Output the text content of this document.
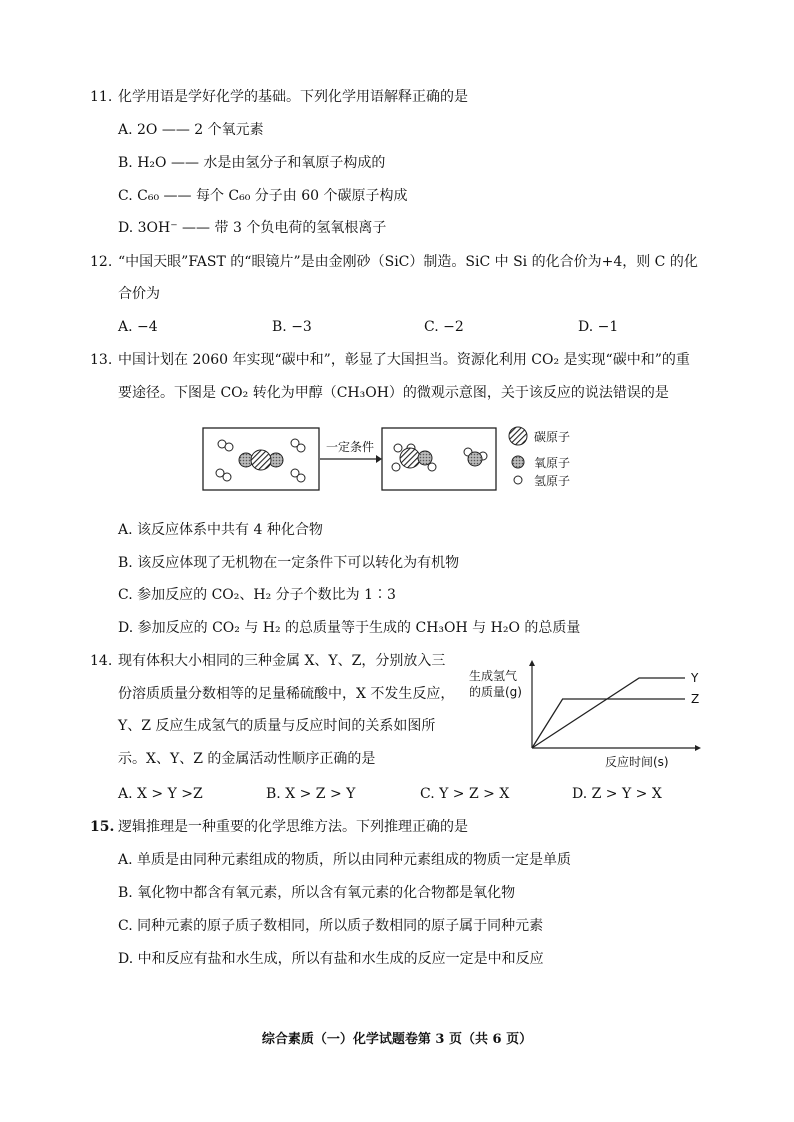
11. 化学用语是学好化学的基础。下列化学用语解释正确的是
A. 2O —— 2 个氧元素
B. H₂O —— 水是由氢分子和氧原子构成的
C. C₆₀ —— 每个 C₆₀ 分子由 60 个碳原子构成
D. 3OH⁻ —— 带 3 个负电荷的氢氧根离子
12. “中国天眼”FAST 的“眼镜片”是由金刚砂（SiC）制造。SiC 中 Si 的化合价为+4，则 C 的化
合价为
A. −4	B. −3	C. −2	D. −1
13. 中国计划在 2060 年实现“碳中和”，彰显了大国担当。资源化利用 CO₂ 是实现“碳中和”的重
要途径。下图是 CO₂ 转化为甲醇（CH₃OH）的微观示意图，关于该反应的说法错误的是
一定条件
碳原子
氧原子
氢原子
A. 该反应体系中共有 4 种化合物
B. 该反应体现了无机物在一定条件下可以转化为有机物
C. 参加反应的 CO₂、H₂ 分子个数比为 1∶3
D. 参加反应的 CO₂ 与 H₂ 的总质量等于生成的 CH₃OH 与 H₂O 的总质量
14. 现有体积大小相同的三种金属 X、Y、Z，分别放入三
份溶质质量分数相等的足量稀硫酸中，X 不发生反应，
Y、Z 反应生成氢气的质量与反应时间的关系如图所
示。X、Y、Z 的金属活动性顺序正确的是
生成氢气
的质量(g)
Y
Z
反应时间(s)
A. X > Y >Z	B. X > Z > Y	C. Y > Z > X	D. Z > Y > X
15. 逻辑推理是一种重要的化学思维方法。下列推理正确的是
A. 单质是由同种元素组成的物质，所以由同种元素组成的物质一定是单质
B. 氧化物中都含有氧元素，所以含有氧元素的化合物都是氧化物
C. 同种元素的原子质子数相同，所以质子数相同的原子属于同种元素
D. 中和反应有盐和水生成，所以有盐和水生成的反应一定是中和反应
综合素质（一）化学试题卷第 3 页（共 6 页）
